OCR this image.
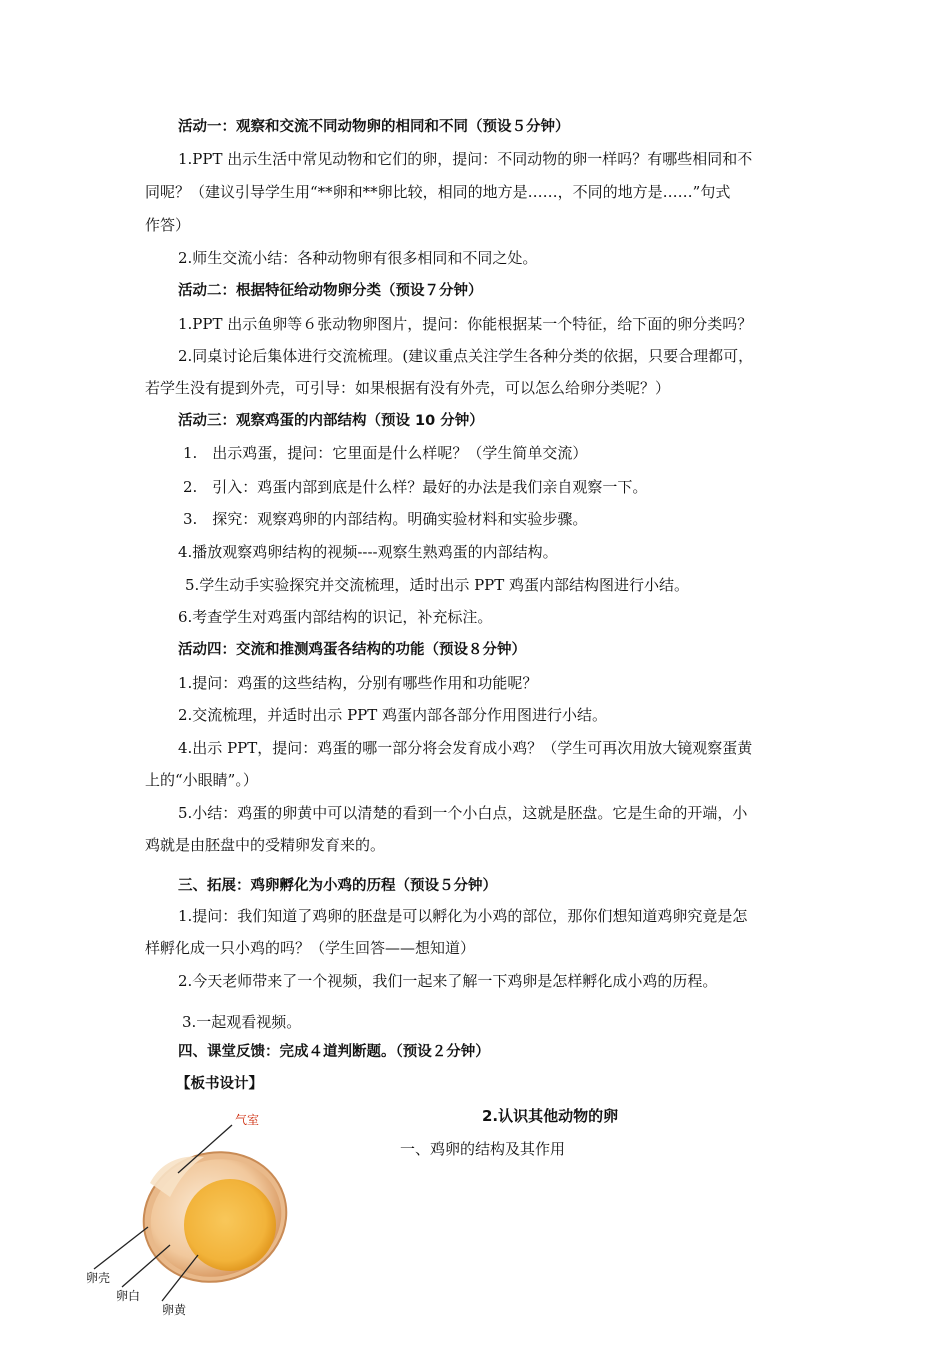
活动一：观察和交流不同动物卵的相同和不同（预设５分钟）
1.PPT 出示生活中常见动物和它们的卵，提问：不同动物的卵一样吗？有哪些相同和不
同呢？（建议引导学生用“**卵和**卵比较，相同的地方是……，不同的地方是……”句式
作答）
2.师生交流小结：各种动物卵有很多相同和不同之处。
活动二：根据特征给动物卵分类（预设７分钟）
1.PPT 出示鱼卵等６张动物卵图片，提问：你能根据某一个特征，给下面的卵分类吗？
2.同桌讨论后集体进行交流梳理。(建议重点关注学生各种分类的依据，只要合理都可，
若学生没有提到外壳，可引导：如果根据有没有外壳，可以怎么给卵分类呢？）
活动三：观察鸡蛋的内部结构（预设 10 分钟）
1.　出示鸡蛋，提问：它里面是什么样呢？（学生简单交流）
2.　引入：鸡蛋内部到底是什么样？最好的办法是我们亲自观察一下。
3.　探究：观察鸡卵的内部结构。明确实验材料和实验步骤。
4.播放观察鸡卵结构的视频----观察生熟鸡蛋的内部结构。
5.学生动手实验探究并交流梳理，适时出示 PPT 鸡蛋内部结构图进行小结。
6.考查学生对鸡蛋内部结构的识记，补充标注。
活动四：交流和推测鸡蛋各结构的功能（预设８分钟）
1.提问：鸡蛋的这些结构，分别有哪些作用和功能呢？
2.交流梳理，并适时出示 PPT 鸡蛋内部各部分作用图进行小结。
4.出示 PPT，提问：鸡蛋的哪一部分将会发育成小鸡？（学生可再次用放大镜观察蛋黄
上的“小眼睛”。）
5.小结：鸡蛋的卵黄中可以清楚的看到一个小白点，这就是胚盘。它是生命的开端，小
鸡就是由胚盘中的受精卵发育来的。
三、拓展：鸡卵孵化为小鸡的历程（预设５分钟）
1.提问：我们知道了鸡卵的胚盘是可以孵化为小鸡的部位，那你们想知道鸡卵究竟是怎
样孵化成一只小鸡的吗？（学生回答——想知道）
2.今天老师带来了一个视频，我们一起来了解一下鸡卵是怎样孵化成小鸡的历程。
3.一起观看视频。
四、课堂反馈：完成４道判断题。（预设２分钟）
【板书设计】
2.认识其他动物的卵
一、鸡卵的结构及其作用
气室
卵壳
卵白
卵黄
